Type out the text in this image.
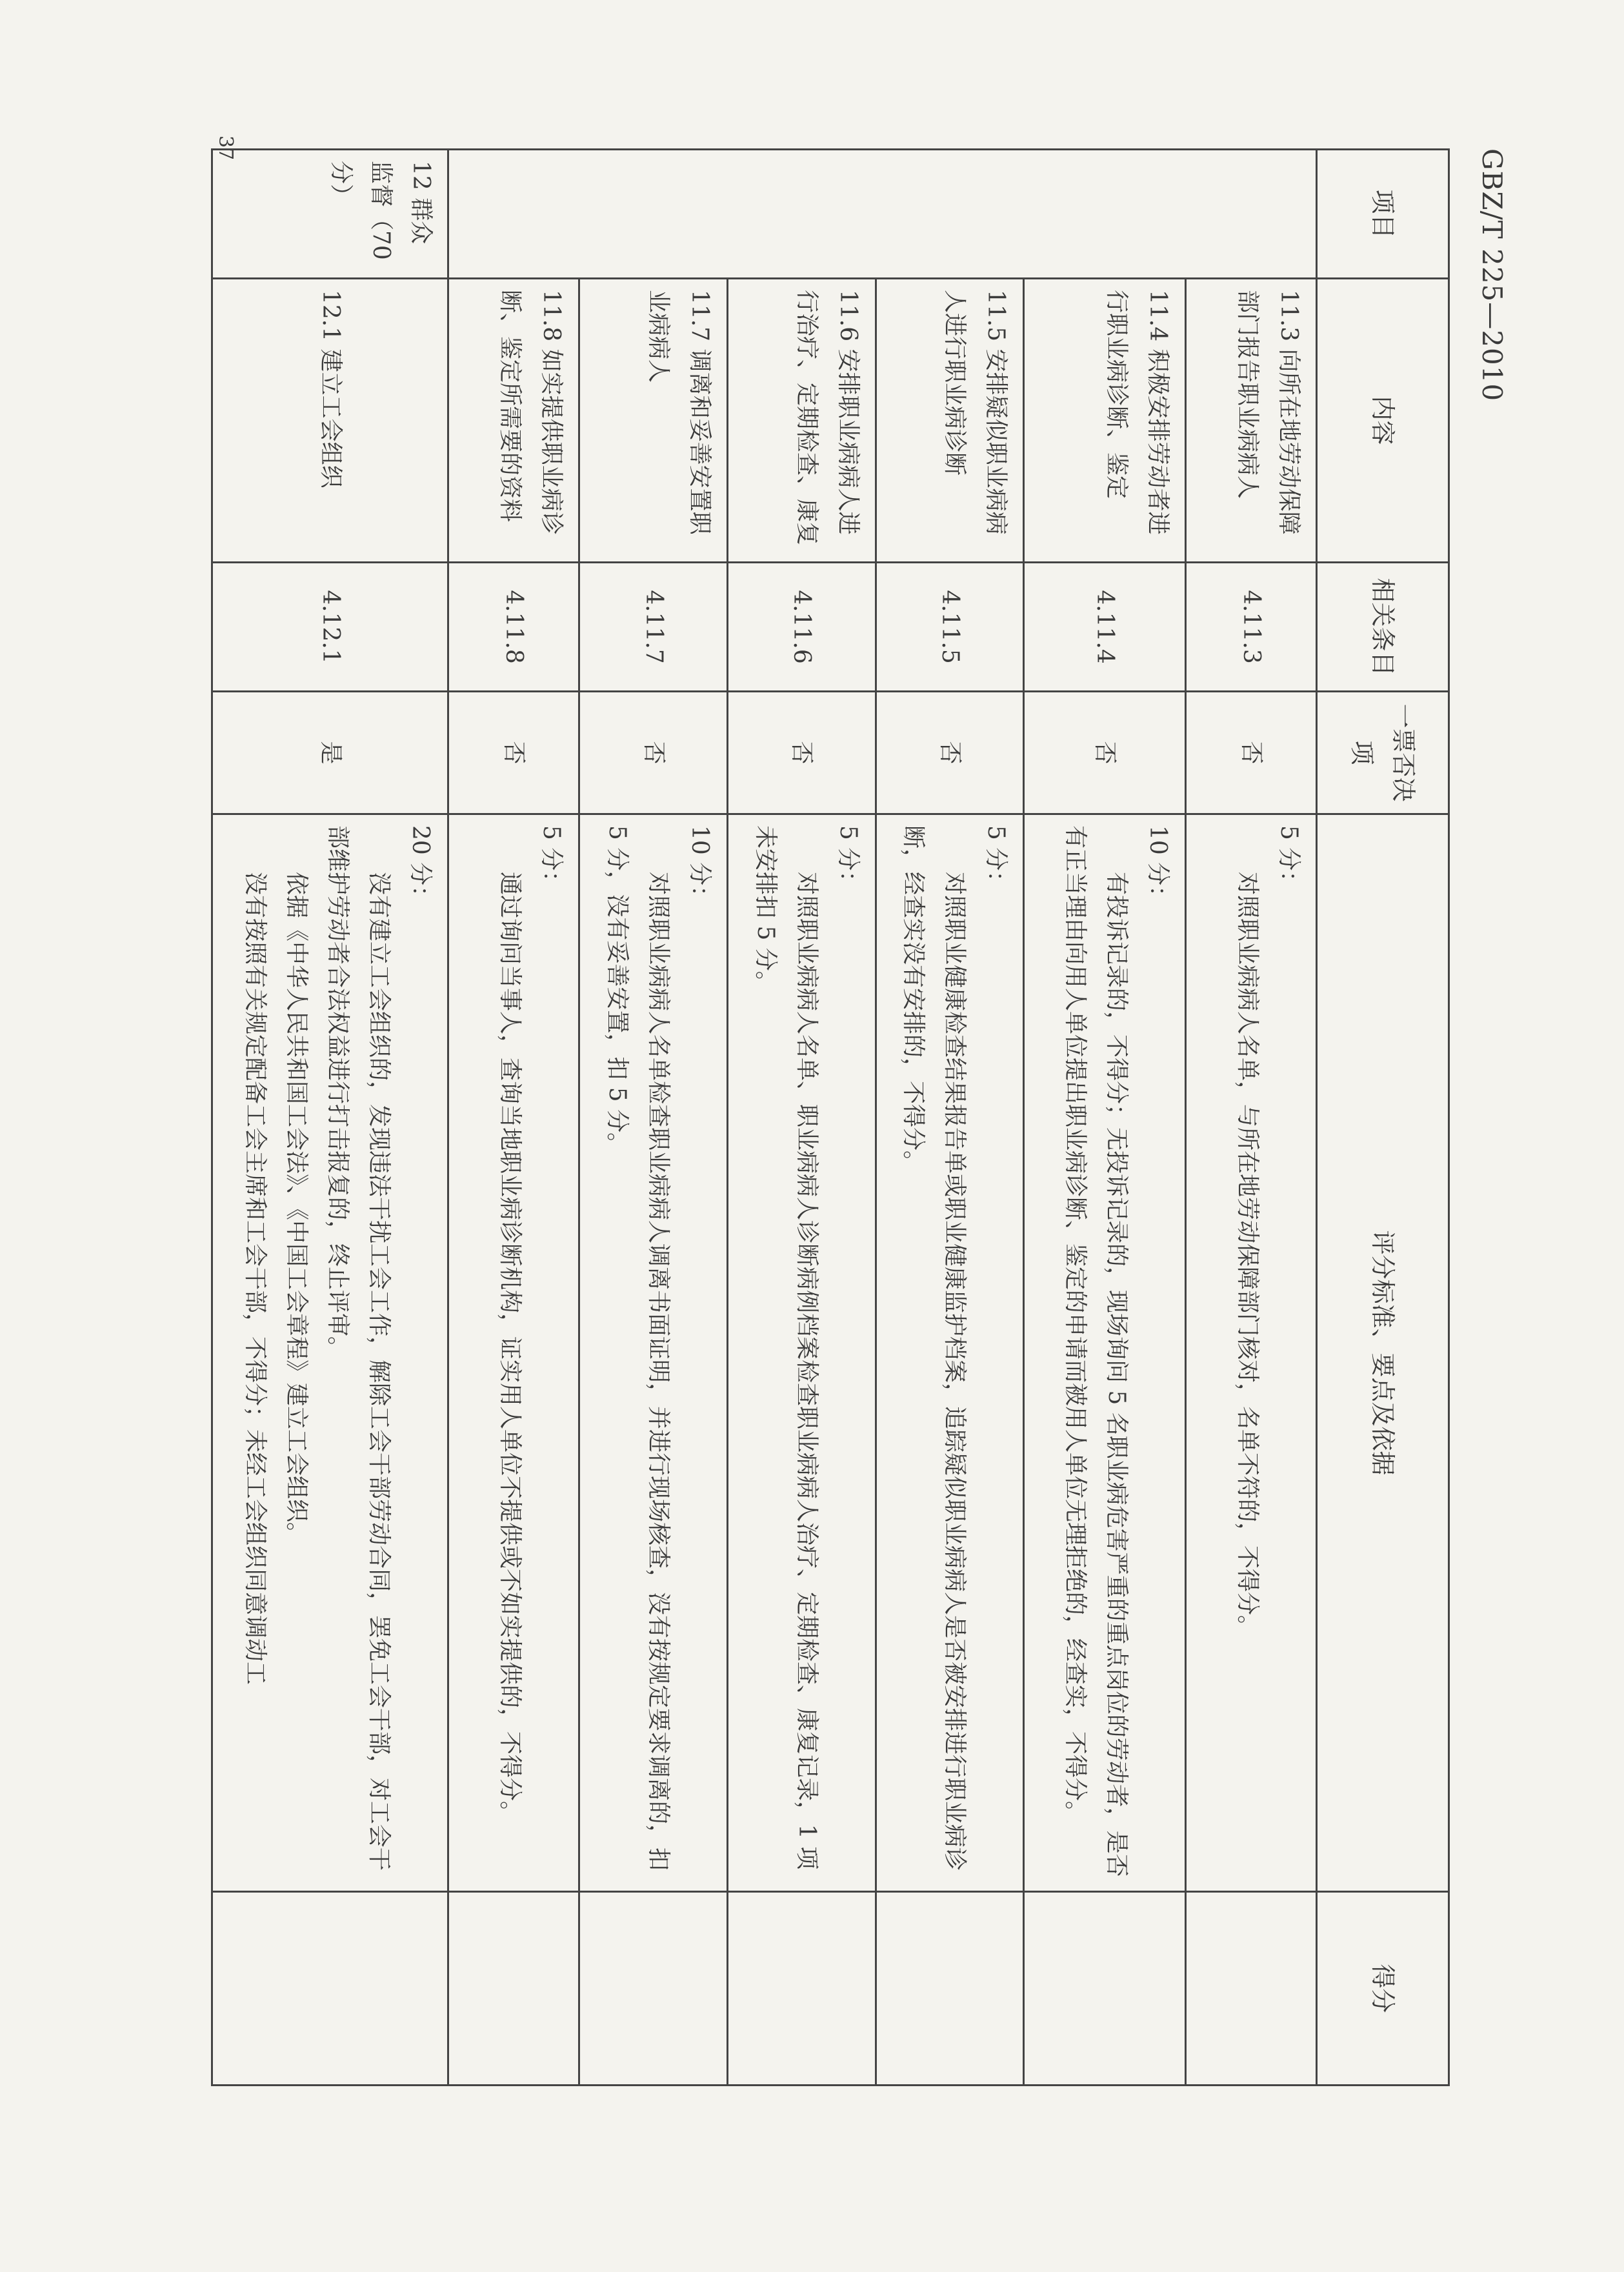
GBZ/T 225—2010
37
项目	内容	相关条目	一票否决项	评分标准、要点及依据	得分
	11.3 向所在地劳动保障部门报告职业病病人	4.11.3	否	5 分：

对照职业病病人名单，与所在地劳动保障部门核对，名单不符的，不得分。	

	11.4 积极安排劳动者进行职业病诊断、鉴定	4.11.4	否	10 分：

有投诉记录的，不得分；无投诉记录的，现场询问 5 名职业病危害严重的重点岗位的劳动者，是否有正当理由向用人单位提出职业病诊断、鉴定的申请而被用人单位无理拒绝的，经查实，不得分。	

	11.5 安排疑似职业病病人进行职业病诊断	4.11.5	否	5 分：

对照职业健康检查结果报告单或职业健康监护档案，追踪疑似职业病病人是否被安排进行职业病诊断，经查实没有安排的，不得分。	

	11.6 安排职业病病人进行治疗、定期检查、康复	4.11.6	否	5 分：

对照职业病病人名单、职业病病人诊断病例档案检查职业病病人治疗、定期检查、康复记录，1 项未安排扣 5 分。	

	11.7 调离和妥善安置职业病病人	4.11.7	否	10 分：

对照职业病病人名单检查职业病病人调离书面证明，并进行现场核查，没有按规定要求调离的，扣 5 分，没有妥善安置，扣 5 分。	

	11.8 如实提供职业病诊断、鉴定所需要的资料	4.11.8	否	5 分：

通过询问当事人，查询当地职业病诊断机构，证实用人单位不提供或不如实提供的，不得分。	

12 群众监督（70 分）	12.1 建立工会组织	4.12.1	是	20 分：

没有建立工会组织的，发现违法干扰工会工作，解除工会干部劳动合同，罢免工会干部，对工会干部维护劳动者合法权益进行打击报复的，终止评审。

依据《中华人民共和国工会法》、《中国工会章程》建立工会组织。

没有按照有关规定配备工会主席和工会干部，不得分；未经工会组织同意调动工	
